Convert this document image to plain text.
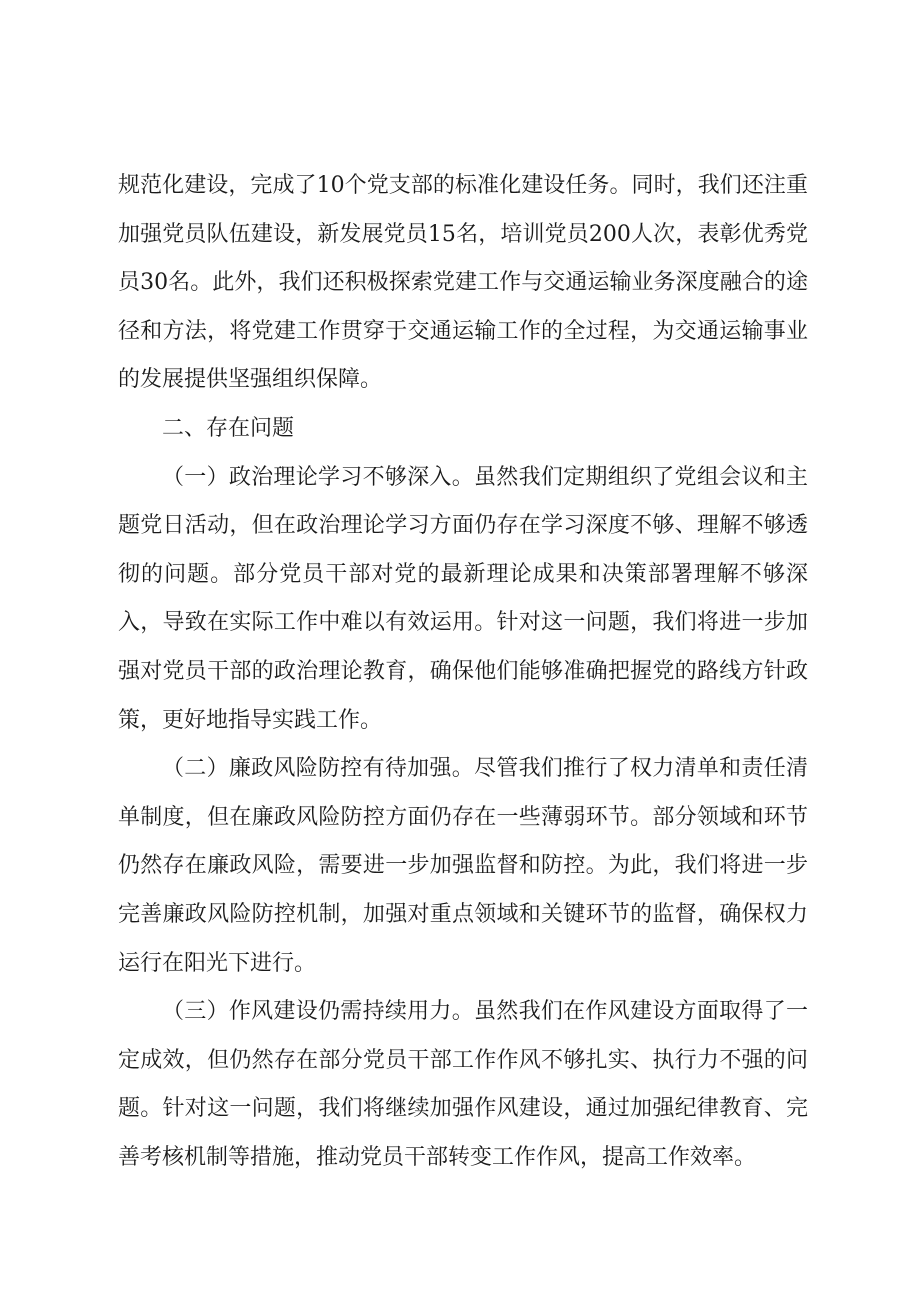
规范化建设，完成了10个党支部的标准化建设任务。同时，我们还注重加强党员队伍建设，新发展党员15名，培训党员200人次，表彰优秀党员30名。此外，我们还积极探索党建工作与交通运输业务深度融合的途径和方法，将党建工作贯穿于交通运输工作的全过程，为交通运输事业的发展提供坚强组织保障。

二、存在问题

（一）政治理论学习不够深入。虽然我们定期组织了党组会议和主题党日活动，但在政治理论学习方面仍存在学习深度不够、理解不够透彻的问题。部分党员干部对党的最新理论成果和决策部署理解不够深入，导致在实际工作中难以有效运用。针对这一问题，我们将进一步加强对党员干部的政治理论教育，确保他们能够准确把握党的路线方针政策，更好地指导实践工作。

（二）廉政风险防控有待加强。尽管我们推行了权力清单和责任清单制度，但在廉政风险防控方面仍存在一些薄弱环节。部分领域和环节仍然存在廉政风险，需要进一步加强监督和防控。为此，我们将进一步完善廉政风险防控机制，加强对重点领域和关键环节的监督，确保权力运行在阳光下进行。

（三）作风建设仍需持续用力。虽然我们在作风建设方面取得了一定成效，但仍然存在部分党员干部工作作风不够扎实、执行力不强的问题。针对这一问题，我们将继续加强作风建设，通过加强纪律教育、完善考核机制等措施，推动党员干部转变工作作风，提高工作效率。
